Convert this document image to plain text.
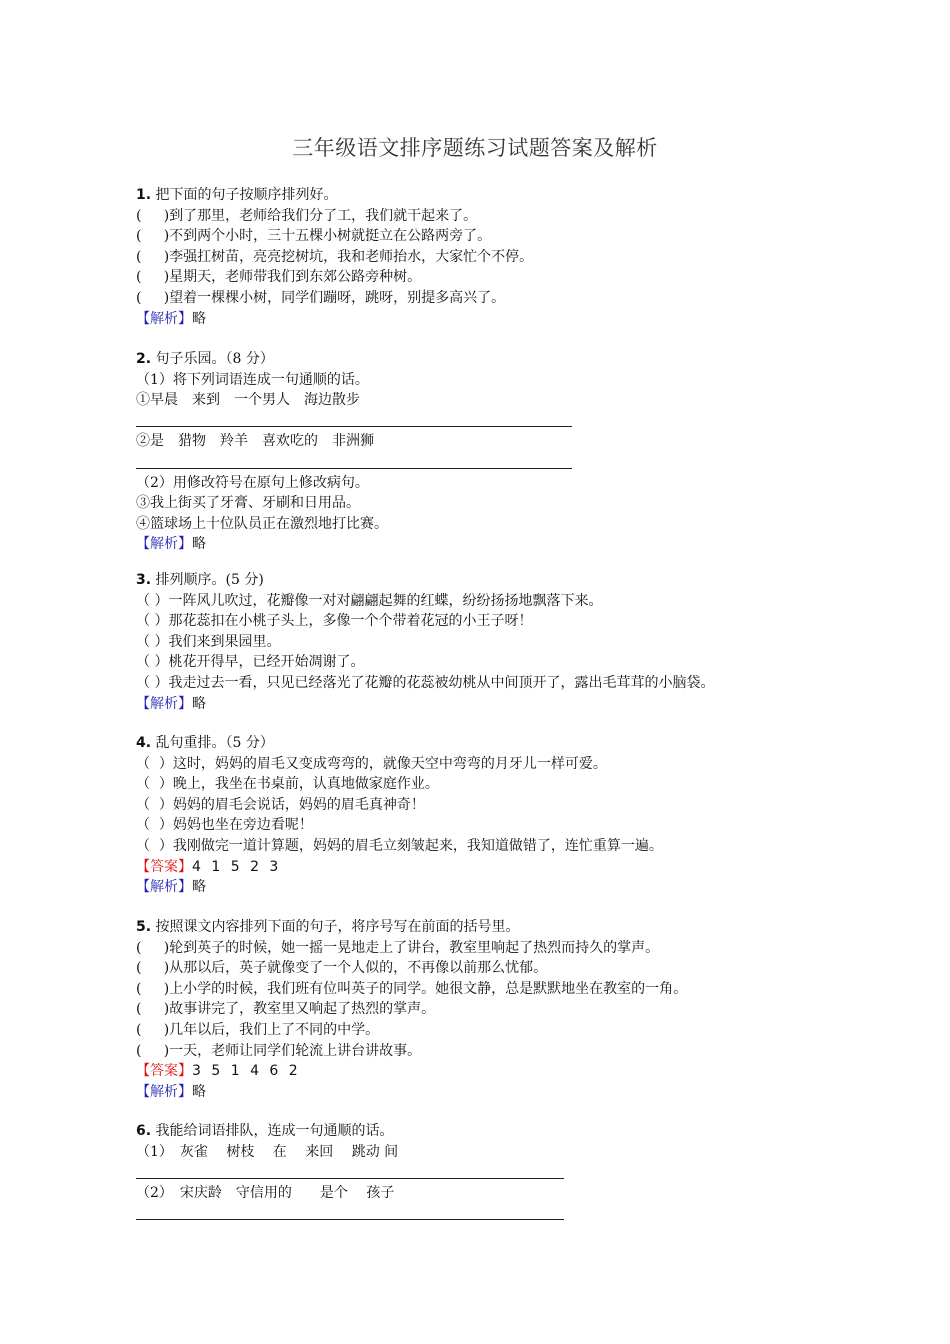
三年级语文排序题练习试题答案及解析
1. 把下面的句子按顺序排列好。
(     )到了那里，老师给我们分了工，我们就干起来了。
(     )不到两个小时，三十五棵小树就挺立在公路两旁了。
(     )李强扛树苗，亮亮挖树坑，我和老师抬水，大家忙个不停。
(     )星期天，老师带我们到东郊公路旁种树。
(     )望着一棵棵小树，同学们蹦呀，跳呀，别提多高兴了。
【解析】略
2. 句子乐园。（8 分）
（1）将下列词语连成一句通顺的话。
①早晨　来到　一个男人　海边散步
②是　猎物　羚羊　喜欢吃的　非洲狮
（2）用修改符号在原句上修改病句。
③我上街买了牙膏、牙刷和日用品。
④篮球场上十位队员正在激烈地打比赛。
【解析】略
3. 排列顺序。(5 分)
（ ）一阵风儿吹过，花瓣像一对对翩翩起舞的红蝶，纷纷扬扬地飘落下来。
（ ）那花蕊扣在小桃子头上，多像一个个带着花冠的小王子呀！
（ ）我们来到果园里。
（ ）桃花开得早，已经开始凋谢了。
（ ）我走过去一看，只见已经落光了花瓣的花蕊被幼桃从中间顶开了，露出毛茸茸的小脑袋。
【解析】略
4. 乱句重排。（5 分）
（  ）这时，妈妈的眉毛又变成弯弯的，就像天空中弯弯的月牙儿一样可爱。
（  ）晚上，我坐在书桌前，认真地做家庭作业。
（  ）妈妈的眉毛会说话，妈妈的眉毛真神奇！
（  ）妈妈也坐在旁边看呢！
（  ）我刚做完一道计算题，妈妈的眉毛立刻皱起来，我知道做错了，连忙重算一遍。
【答案】4 1 5 2 3
【解析】略
5. 按照课文内容排列下面的句子，将序号写在前面的括号里。
(     )轮到英子的时候，她一摇一晃地走上了讲台，教室里响起了热烈而持久的掌声。
(     )从那以后，英子就像变了一个人似的，不再像以前那么忧郁。
(     )上小学的时候，我们班有位叫英子的同学。她很文静，总是默默地坐在教室的一角。
(     )故事讲完了，教室里又响起了热烈的掌声。
(     )几年以后，我们上了不同的中学。
(     )一天，老师让同学们轮流上讲台讲故事。
【答案】3 5 1 4 6 2
【解析】略
6. 我能给词语排队，连成一句通顺的话。
（1）　灰雀　 树枝　 在　 来回　 跳动 间
（2）　宋庆龄　守信用的　　是个　 孩子
